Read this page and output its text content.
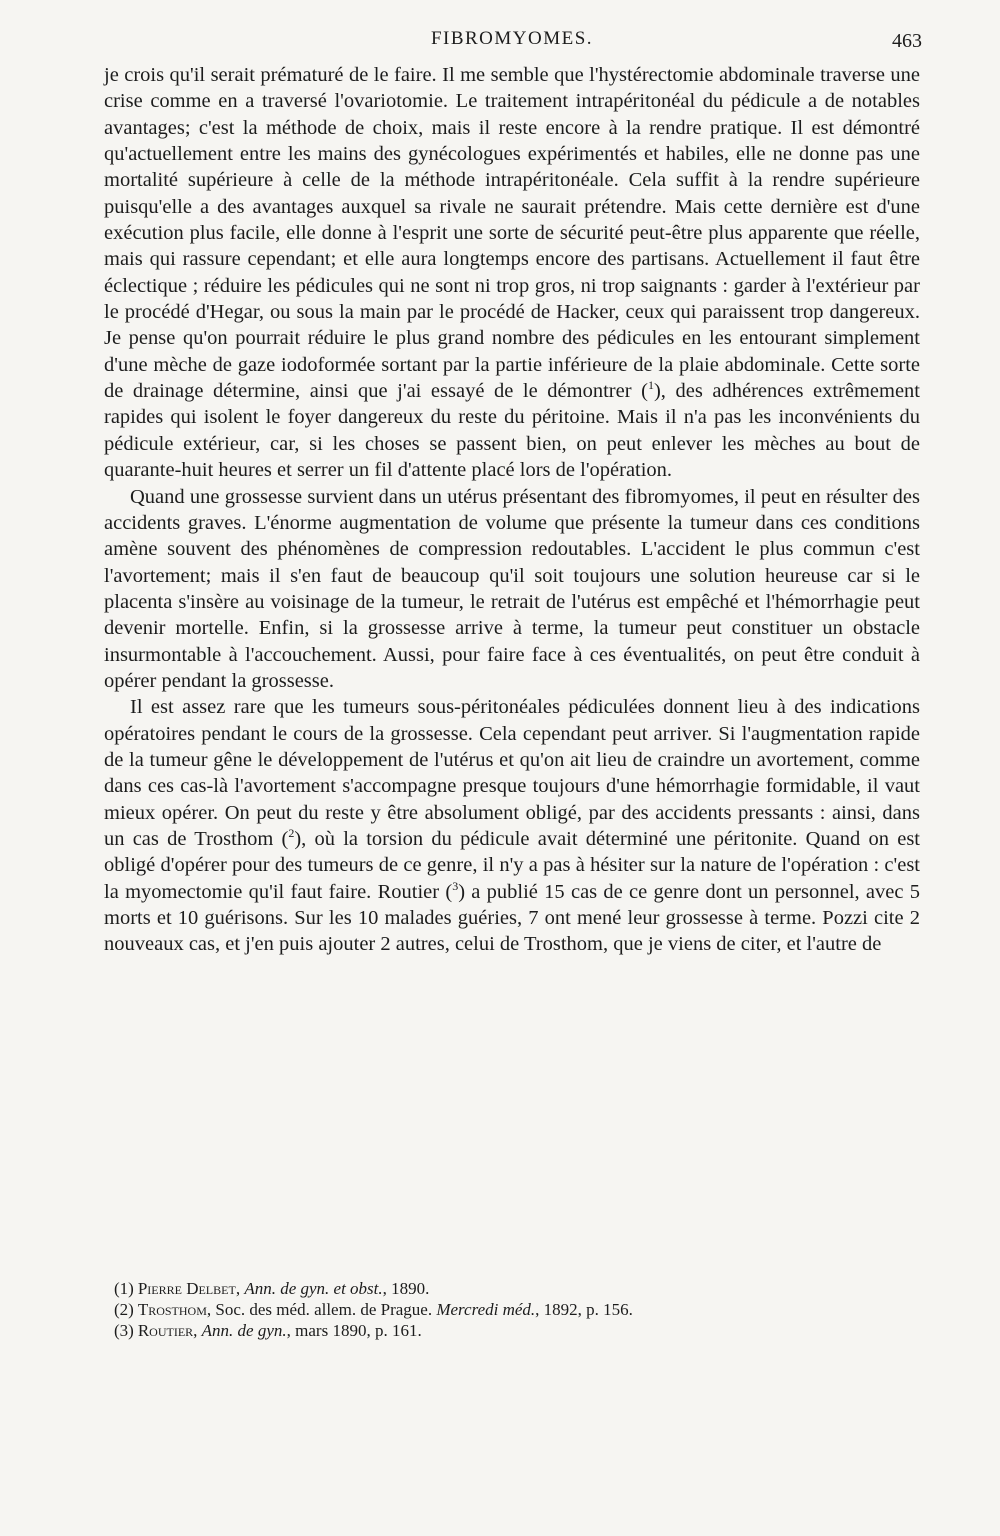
FIBROMYOMES.	463

je crois qu'il serait prématuré de le faire. Il me semble que l'hystérectomie abdominale traverse une crise comme en a traversé l'ovariotomie. Le traitement intrapéritonéal du pédicule a de notables avantages; c'est la méthode de choix, mais il reste encore à la rendre pratique. Il est démontré qu'actuellement entre les mains des gynécologues expérimentés et habiles, elle ne donne pas une mortalité supérieure à celle de la méthode intrapéritonéale. Cela suffit à la rendre supérieure puisqu'elle a des avantages auxquel sa rivale ne saurait prétendre. Mais cette dernière est d'une exécution plus facile, elle donne à l'esprit une sorte de sécurité peut-être plus apparente que réelle, mais qui rassure cependant; et elle aura longtemps encore des partisans. Actuellement il faut être éclectique ; réduire les pédicules qui ne sont ni trop gros, ni trop saignants : garder à l'extérieur par le procédé d'Hegar, ou sous la main par le procédé de Hacker, ceux qui paraissent trop dangereux. Je pense qu'on pourrait réduire le plus grand nombre des pédicules en les entourant simplement d'une mèche de gaze iodoformée sortant par la partie inférieure de la plaie abdominale. Cette sorte de drainage détermine, ainsi que j'ai essayé de le démontrer ($^1$), des adhérences extrêmement rapides qui isolent le foyer dangereux du reste du péritoine. Mais il n'a pas les inconvénients du pédicule extérieur, car, si les choses se passent bien, on peut enlever les mèches au bout de quarante-huit heures et serrer un fil d'attente placé lors de l'opération.

Quand une grossesse survient dans un utérus présentant des fibromyomes, il peut en résulter des accidents graves. L'énorme augmentation de volume que présente la tumeur dans ces conditions amène souvent des phénomènes de compression redoutables. L'accident le plus commun c'est l'avortement; mais il s'en faut de beaucoup qu'il soit toujours une solution heureuse car si le placenta s'insère au voisinage de la tumeur, le retrait de l'utérus est empêché et l'hémorrhagie peut devenir mortelle. Enfin, si la grossesse arrive à terme, la tumeur peut constituer un obstacle insurmontable à l'accouchement. Aussi, pour faire face à ces éventualités, on peut être conduit à opérer pendant la grossesse.

Il est assez rare que les tumeurs sous-péritonéales pédiculées donnent lieu à des indications opératoires pendant le cours de la grossesse. Cela cependant peut arriver. Si l'augmentation rapide de la tumeur gêne le développement de l'utérus et qu'on ait lieu de craindre un avortement, comme dans ces cas-là l'avortement s'accompagne presque toujours d'une hémorrhagie formidable, il vaut mieux opérer. On peut du reste y être absolument obligé, par des accidents pressants : ainsi, dans un cas de Trosthom ($^2$), où la torsion du pédicule avait déterminé une péritonite. Quand on est obligé d'opérer pour des tumeurs de ce genre, il n'y a pas à hésiter sur la nature de l'opération : c'est la myomectomie qu'il faut faire. Routier ($^3$) a publié 15 cas de ce genre dont un personnel, avec 5 morts et 10 guérisons. Sur les 10 malades guéries, 7 ont mené leur grossesse à terme. Pozzi cite 2 nouveaux cas, et j'en puis ajouter 2 autres, celui de Trosthom, que je viens de citer, et l'autre de

(1) Pierre Delbet, Ann. de gyn. et obst., 1890.
(2) Trosthom, Soc. des méd. allem. de Prague. Mercredi méd., 1892, p. 156.
(3) Routier, Ann. de gyn., mars 1890, p. 161.
